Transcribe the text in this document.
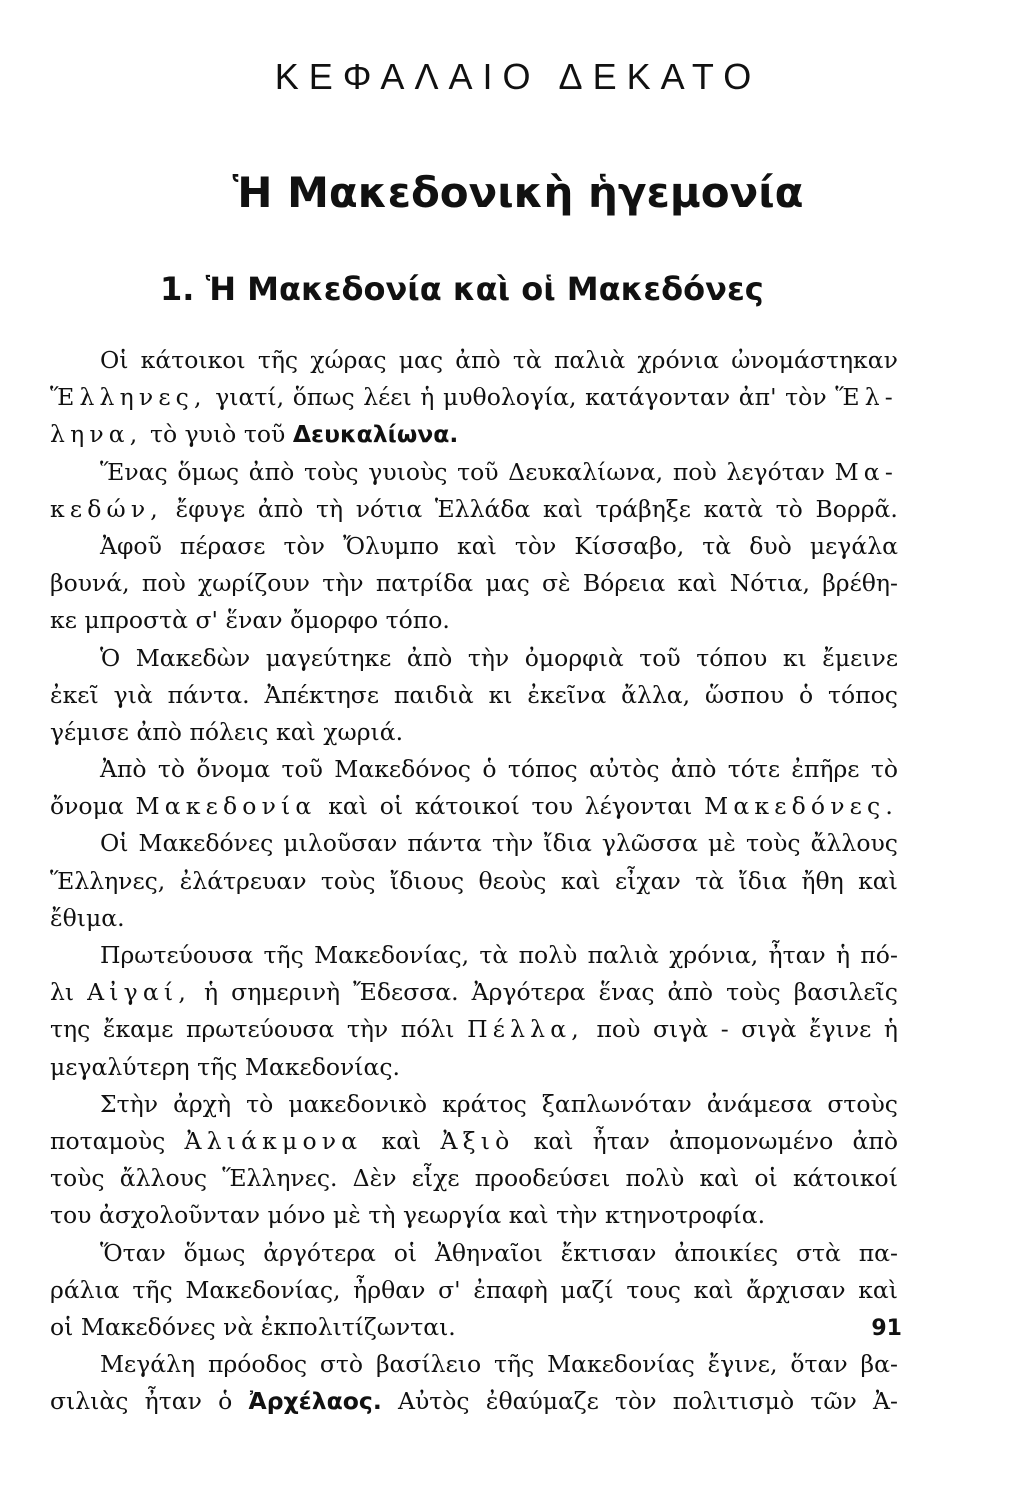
ΚΕΦΑΛΑΙΟ ΔΕΚΑΤΟ
Ἡ Μακεδονικὴ ἡγεμονία
1. Ἡ Μακεδονία καὶ οἱ Μακεδόνες
Οἱ κάτοικοι τῆς χώρας μας ἀπὸ τὰ παλιὰ χρόνια ὠνομάστηκαν
Ἕλληνες, γιατί, ὅπως λέει ἡ μυθολογία, κατάγονταν ἀπ' τὸν Ἕλ-
ληνα, τὸ γυιὸ τοῦ Δευκαλίωνα.
Ἕνας ὅμως ἀπὸ τοὺς γυιοὺς τοῦ Δευκαλίωνα, ποὺ λεγόταν Μα-
κεδών, ἔφυγε ἀπὸ τὴ νότια Ἑλλάδα καὶ τράβηξε κατὰ τὸ Βορρᾶ.
Ἀφοῦ πέρασε τὸν Ὄλυμπο καὶ τὸν Κίσσαβο, τὰ δυὸ μεγάλα
βουνά, ποὺ χωρίζουν τὴν πατρίδα μας σὲ Βόρεια καὶ Νότια, βρέθη-
κε μπροστὰ σ' ἕναν ὄμορφο τόπο.
Ὁ Μακεδὼν μαγεύτηκε ἀπὸ τὴν ὀμορφιὰ τοῦ τόπου κι ἔμεινε
ἐκεῖ γιὰ πάντα. Ἀπέκτησε παιδιὰ κι ἐκεῖνα ἄλλα, ὥσπου ὁ τόπος
γέμισε ἀπὸ πόλεις καὶ χωριά.
Ἀπὸ τὸ ὄνομα τοῦ Μακεδόνος ὁ τόπος αὐτὸς ἀπὸ τότε ἐπῆρε τὸ
ὄνομα Μακεδονία καὶ οἱ κάτοικοί του λέγονται Μακεδόνες.
Οἱ Μακεδόνες μιλοῦσαν πάντα τὴν ἴδια γλῶσσα μὲ τοὺς ἄλλους
Ἕλληνες, ἐλάτρευαν τοὺς ἴδιους θεοὺς καὶ εἶχαν τὰ ἴδια ἤθη καὶ
ἔθιμα.
Πρωτεύουσα τῆς Μακεδονίας, τὰ πολὺ παλιὰ χρόνια, ἦταν ἡ πό-
λι Αἰγαί, ἡ σημερινὴ Ἔδεσσα. Ἀργότερα ἕνας ἀπὸ τοὺς βασιλεῖς
της ἔκαμε πρωτεύουσα τὴν πόλι Πέλλα, ποὺ σιγὰ - σιγὰ ἔγινε ἡ
μεγαλύτερη τῆς Μακεδονίας.
Στὴν ἀρχὴ τὸ μακεδονικὸ κράτος ξαπλωνόταν ἀνάμεσα στοὺς
ποταμοὺς Ἀλιάκμονα καὶ Ἀξιὸ καὶ ἦταν ἀπομονωμένο ἀπὸ
τοὺς ἄλλους Ἕλληνες. Δὲν εἶχε προοδεύσει πολὺ καὶ οἱ κάτοικοί
του ἀσχολοῦνταν μόνο μὲ τὴ γεωργία καὶ τὴν κτηνοτροφία.
Ὅταν ὅμως ἀργότερα οἱ Ἀθηναῖοι ἔκτισαν ἀποικίες στὰ πα-
ράλια τῆς Μακεδονίας, ἦρθαν σ' ἐπαφὴ μαζί τους καὶ ἄρχισαν καὶ
οἱ Μακεδόνες νὰ ἐκπολιτίζωνται.
Μεγάλη πρόοδος στὸ βασίλειο τῆς Μακεδονίας ἔγινε, ὅταν βα-
σιλιὰς ἦταν ὁ Ἀρχέλαος. Αὐτὸς ἐθαύμαζε τὸν πολιτισμὸ τῶν Ἀ-
91
